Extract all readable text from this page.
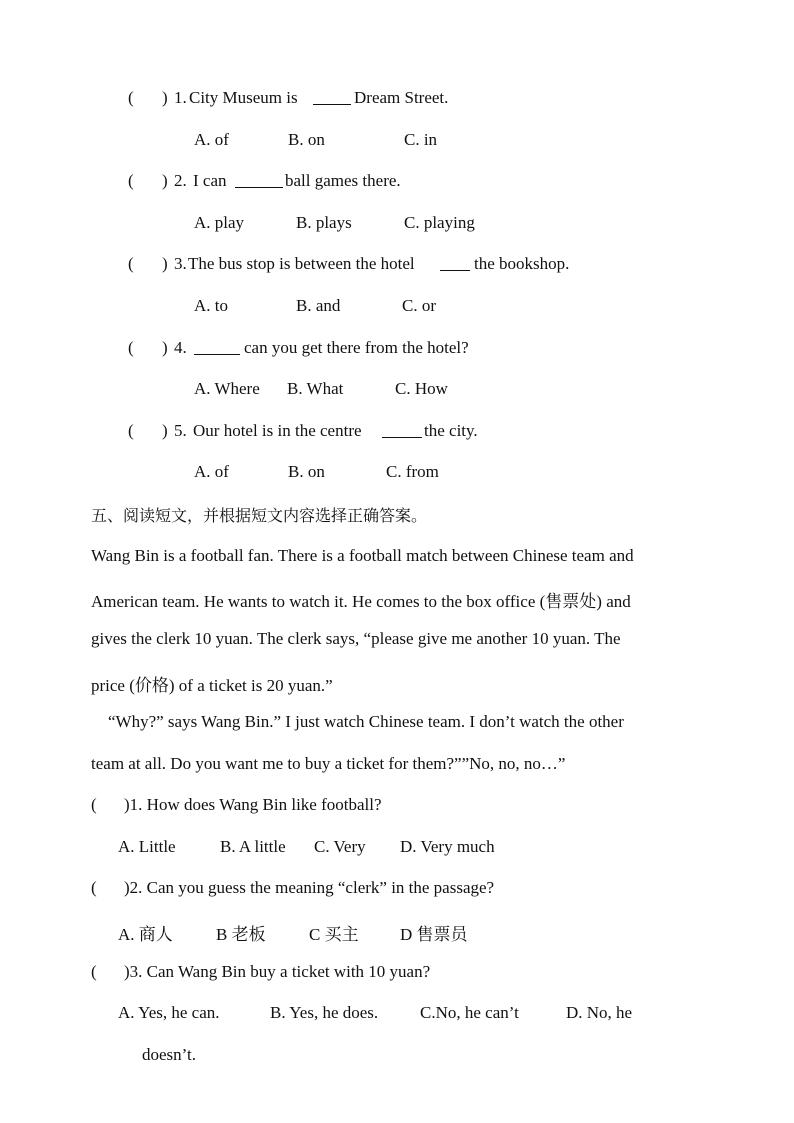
( ) 1. City Museum is	Dream Street.
A. of	B. on	C. in
( ) 2. I can	ball games there.
A. play	B. plays	C. playing
( ) 3. The bus stop is between the hotel	the bookshop.
A. to	B. and	C. or
( ) 4.	can you get there from the hotel?
A. Where B. What	C. How
( ) 5. Our hotel is in the centre	the city.
A. of	B. on	C. from
五、阅读短文，并根据短文内容选择正确答案。
Wang Bin is a football fan. There is a football match between Chinese team and
American team. He wants to watch it. He comes to the box office (售票处) and
gives the clerk 10 yuan. The clerk says, “please give me another 10 yuan. The
price (价格) of a ticket is 20 yuan.”
“Why?” says Wang Bin.” I just watch Chinese team. I don’t watch the other
team at all. Do you want me to buy a ticket for them?””No, no, no…”
( )1. How does Wang Bin like football?
A. Little	B. A little C. Very D. Very much
( )2. Can you guess the meaning “clerk” in the passage?
A. 商人	B 老板	C 买主 D 售票员
( )3. Can Wang Bin buy a ticket with 10 yuan?
A. Yes, he can.	B. Yes, he does. C.No, he can’t	D. No, he
doesn’t.
